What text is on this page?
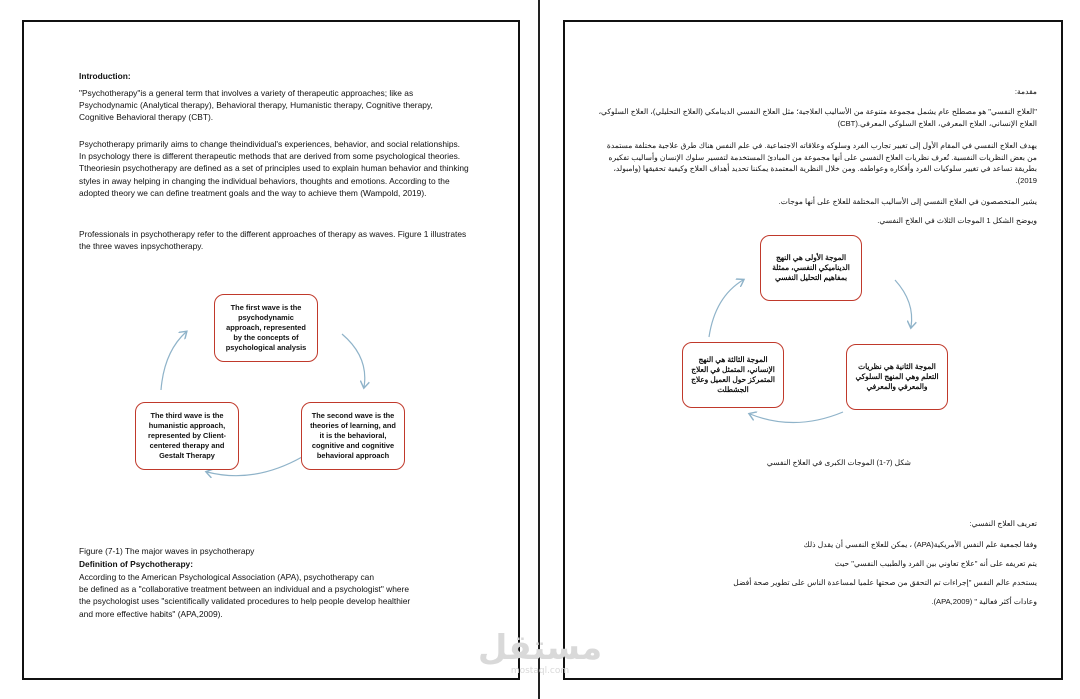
Introduction:

"Psychotherapy"is a general term that involves a variety of therapeutic approaches; like as Psychodynamic (Analytical therapy), Behavioral therapy, Humanistic therapy, Cognitive therapy, Cognitive Behavioral therapy (CBT).

Psychotherapy primarily aims to change theindividual's experiences, behavior, and social relationships. In psychology there is different therapeutic methods that are derived from some psychological theories. Ttheoriesin psychotherapy are defined as a set of principles used to explain human behavior and thinking styles in away helping in changing the individual behaviors, thoughts and emotions. According to the adopted theory we can define treatment goals and the way to achieve them (Wampold, 2019).

Professionals in psychotherapy refer to the different approaches of therapy as waves. Figure 1 illustrates the three waves inpsychotherapy.

The first wave is the psychodynamic approach, represented by the concepts of psychological analysis
The second wave is the theories of learning, and it is the behavioral, cognitive and cognitive behavioral approach
The third wave is the humanistic approach, represented by Client-centered therapy and Gestalt Therapy
Figure (7-1) The major waves in psychotherapy
Definition of Psychotherapy:

According to the American Psychological Association (APA), psychotherapy can

be defined as a "collaborative treatment between an individual and a psychologist" where

the psychologist uses "scientifically validated procedures to help people develop healthier

and more effective habits" (APA,2009).

مقدمة:

"العلاج النفسي" هو مصطلح عام يشمل مجموعة متنوعة من الأساليب العلاجية؛ مثل العلاج النفسي الدينامكي (العلاج التحليلي)، العلاج السلوكي، العلاج الإنساني، العلاج المعرفي، العلاج السلوكي المعرفي.(CBT)

يهدف العلاج النفسي في المقام الأول إلى تغيير تجارب الفرد وسلوكه وعلاقاته الاجتماعية. في علم النفس هناك طرق علاجية مختلفة مستمدة من بعض النظريات النفسية. تُعرف نظريات العلاج النفسي على أنها مجموعة من المبادئ المستخدمة لتفسير سلوك الإنسان وأساليب تفكيره بطريقة تساعد في تغيير سلوكيات الفرد وأفكاره وعواطفه. ومن خلال النظرية المعتمدة يمكننا تحديد أهداف العلاج وكيفية تحقيقها (وامبولد، 2019).

يشير المتخصصون في العلاج النفسي إلى الأساليب المختلفة للعلاج على أنها موجات.

ويوضح الشكل 1 الموجات الثلاث في العلاج النفسي.

الموجة الأولى هي النهج الديناميكي النفسي، ممثلة بمفاهيم التحليل النفسي
الموجة الثانية هي نظريات التعلم وهي المنهج السلوكي والمعرفي والمعرفي
الموجة الثالثة هي النهج الإنساني، المتمثل في العلاج المتمركز حول العميل وعلاج الجشطلت
شكل (7-1) الموجات الكبرى في العلاج النفسي
تعريف العلاج النفسي:

وفقا لجمعية علم النفس الأمريكية(APA) ، يمكن للعلاج النفسي أن يقدل ذلك

يتم تعريفه على أنه "علاج تعاوني بين الفرد والطبيب النفسي" حيث

يستخدم عالم النفس "إجراءات تم التحقق من صحتها علميا لمساعدة الناس على تطوير صحة أفضل

وعادات أكثر فعالية " (APA,2009).

مستقل
mostaql.com
